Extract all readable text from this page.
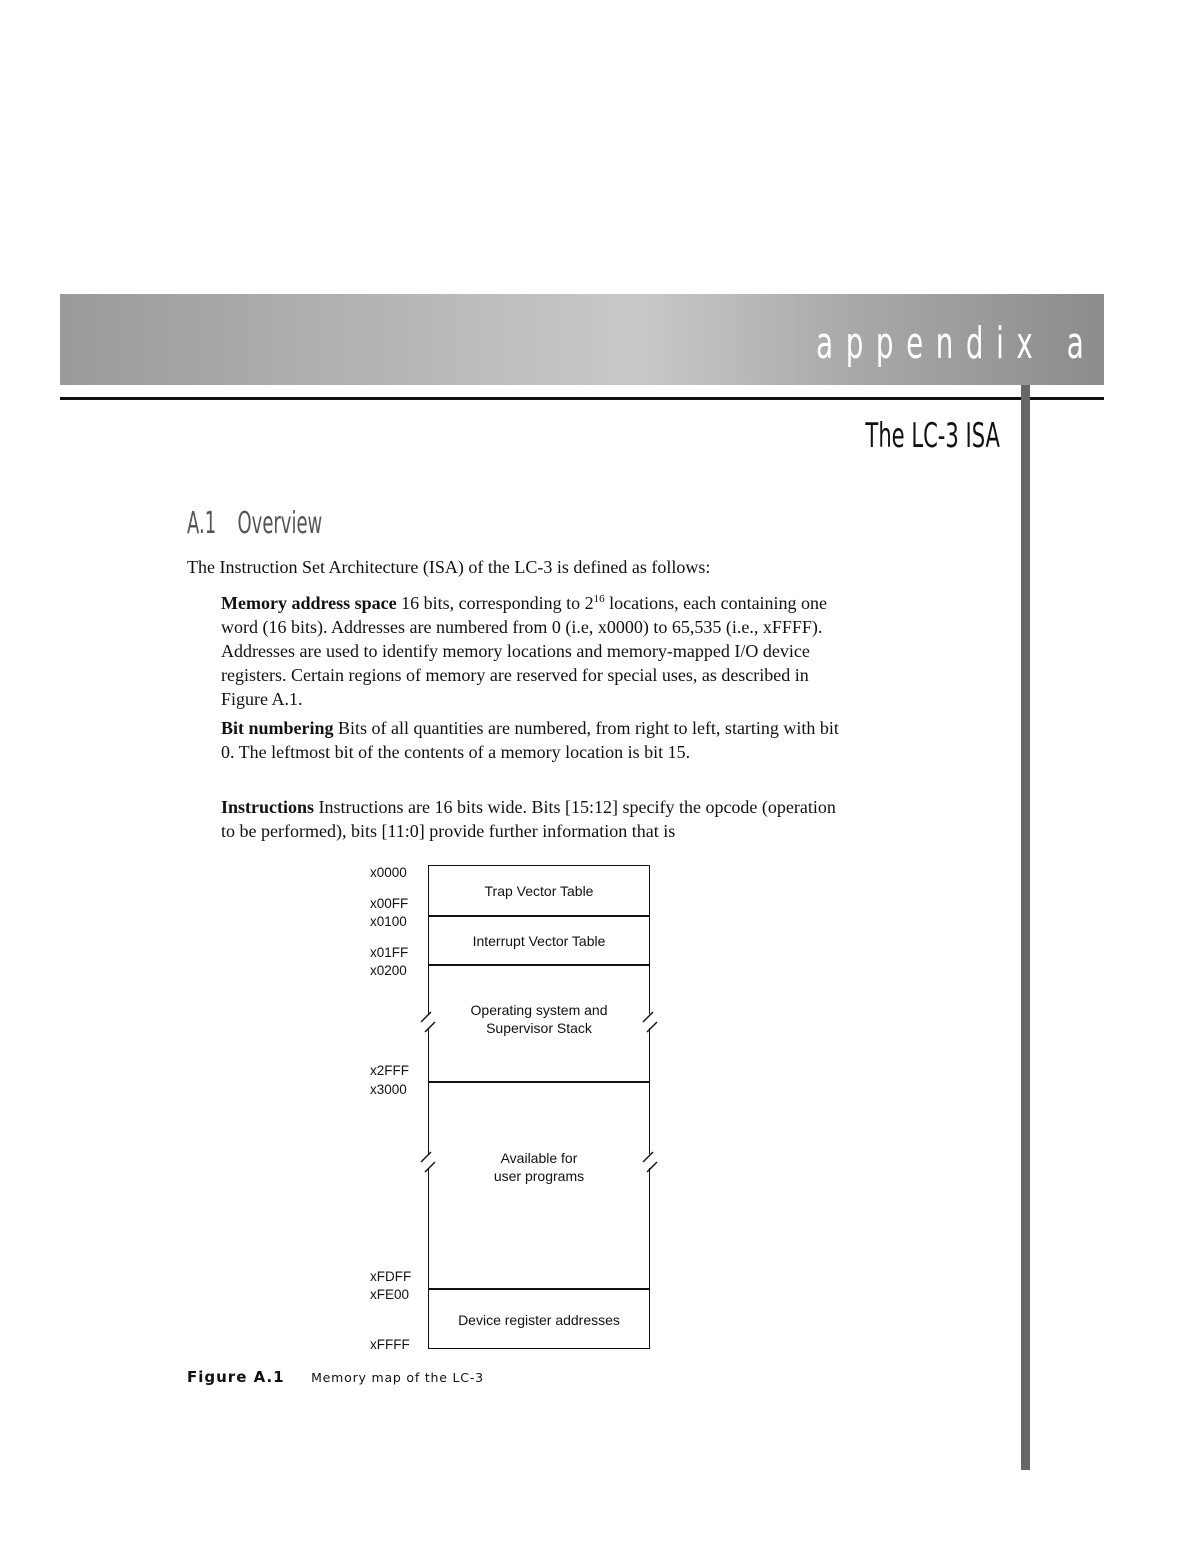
appendix a
The LC-3 ISA
A.1 Overview

The Instruction Set Architecture (ISA) of the LC-3 is defined as follows:

Memory address space 16 bits, corresponding to $2^{16}$ locations, each containing one word (16 bits). Addresses are numbered from 0 (i.e, x0000) to 65,535 (i.e., xFFFF). Addresses are used to identify memory locations and memory-mapped I/O device registers. Certain regions of memory are reserved for special uses, as described in Figure A.1.

Bit numbering Bits of all quantities are numbered, from right to left, starting with bit 0. The leftmost bit of the contents of a memory location is bit 15.

Instructions Instructions are 16 bits wide. Bits [15:12] specify the opcode (operation to be performed), bits [11:0] provide further information that is

Trap Vector Table
Interrupt Vector Table
Operating system and
Supervisor Stack
Available for
user programs
Device register addresses
x0000
x00FF
x0100
x01FF
x0200
x2FFF
x3000
xFDFF
xFE00
xFFFF
Figure A.1 Memory map of the LC-3
